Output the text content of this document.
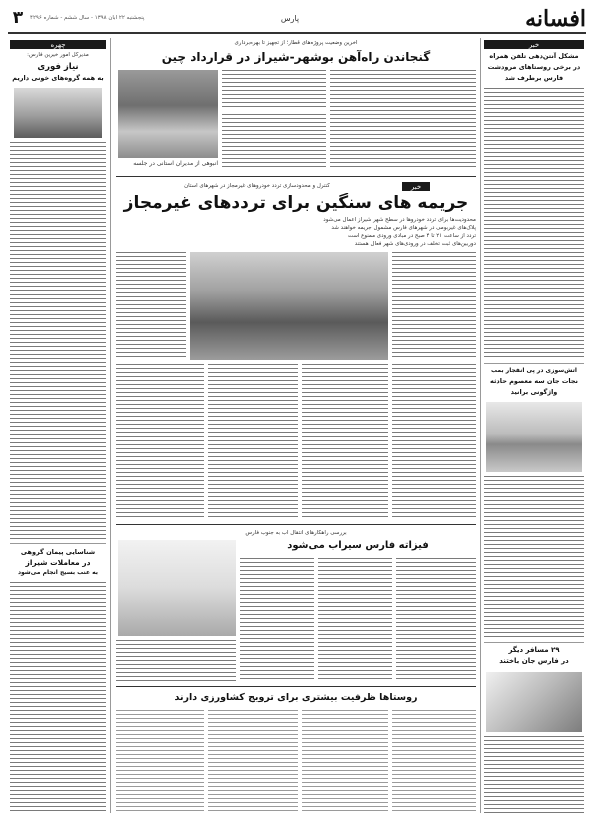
افسانه
پارس
۳	پنجشنبه ۲۲ آبان ۱۳۹۸ - سال ششم - شماره ۴۲۹۶
چهره
مدیرکل امور خیرین فارس:
نیاز فوری
به همه گروه‌های خونی داریم
شناسایی پیمان گروهی
در معاملات شیراز
به عنب بسیج انجام می‌شود
خبر
مشکل آنتن‌دهی تلفن همراه
در برخی روستاهای مرودشت
فارس برطرف شد
آتش‌سوزی در پی انفجار بمب
نجات جان سه معصوم حادثه
واژگونی برانید
۲۹ مسافر دیگر
در فارس جان باختند
آخرین وضعیت پروژه‌های قطار؛ از تجهیز تا بهره‌برداری
گنجاندن راه‌آهن بوشهر-شیراز در قرارداد چین
انبوهی از مدیران استانی در جلسه
خبر
کنترل و محدودسازی تردد خودروهای غیرمجاز در شهرهای استان
جریمه های سنگین برای ترددهای غیرمجاز
محدودیت‌ها برای تردد خودروها در سطح شهر شیراز اعمال می‌شود
پلاک‌های غیربومی در شهرهای فارس مشمول جریمه خواهند شد
تردد از ساعت ۲۱ تا ۴ صبح در مبادی ورودی ممنوع است
دوربین‌های ثبت تخلف در ورودی‌های شهر فعال هستند
بررسی راهکارهای انتقال آب به جنوب فارس
فیزاته فارس سیراب می‌شود
روستاها ظرفیت بیشتری برای ترویج کشاورزی دارند
